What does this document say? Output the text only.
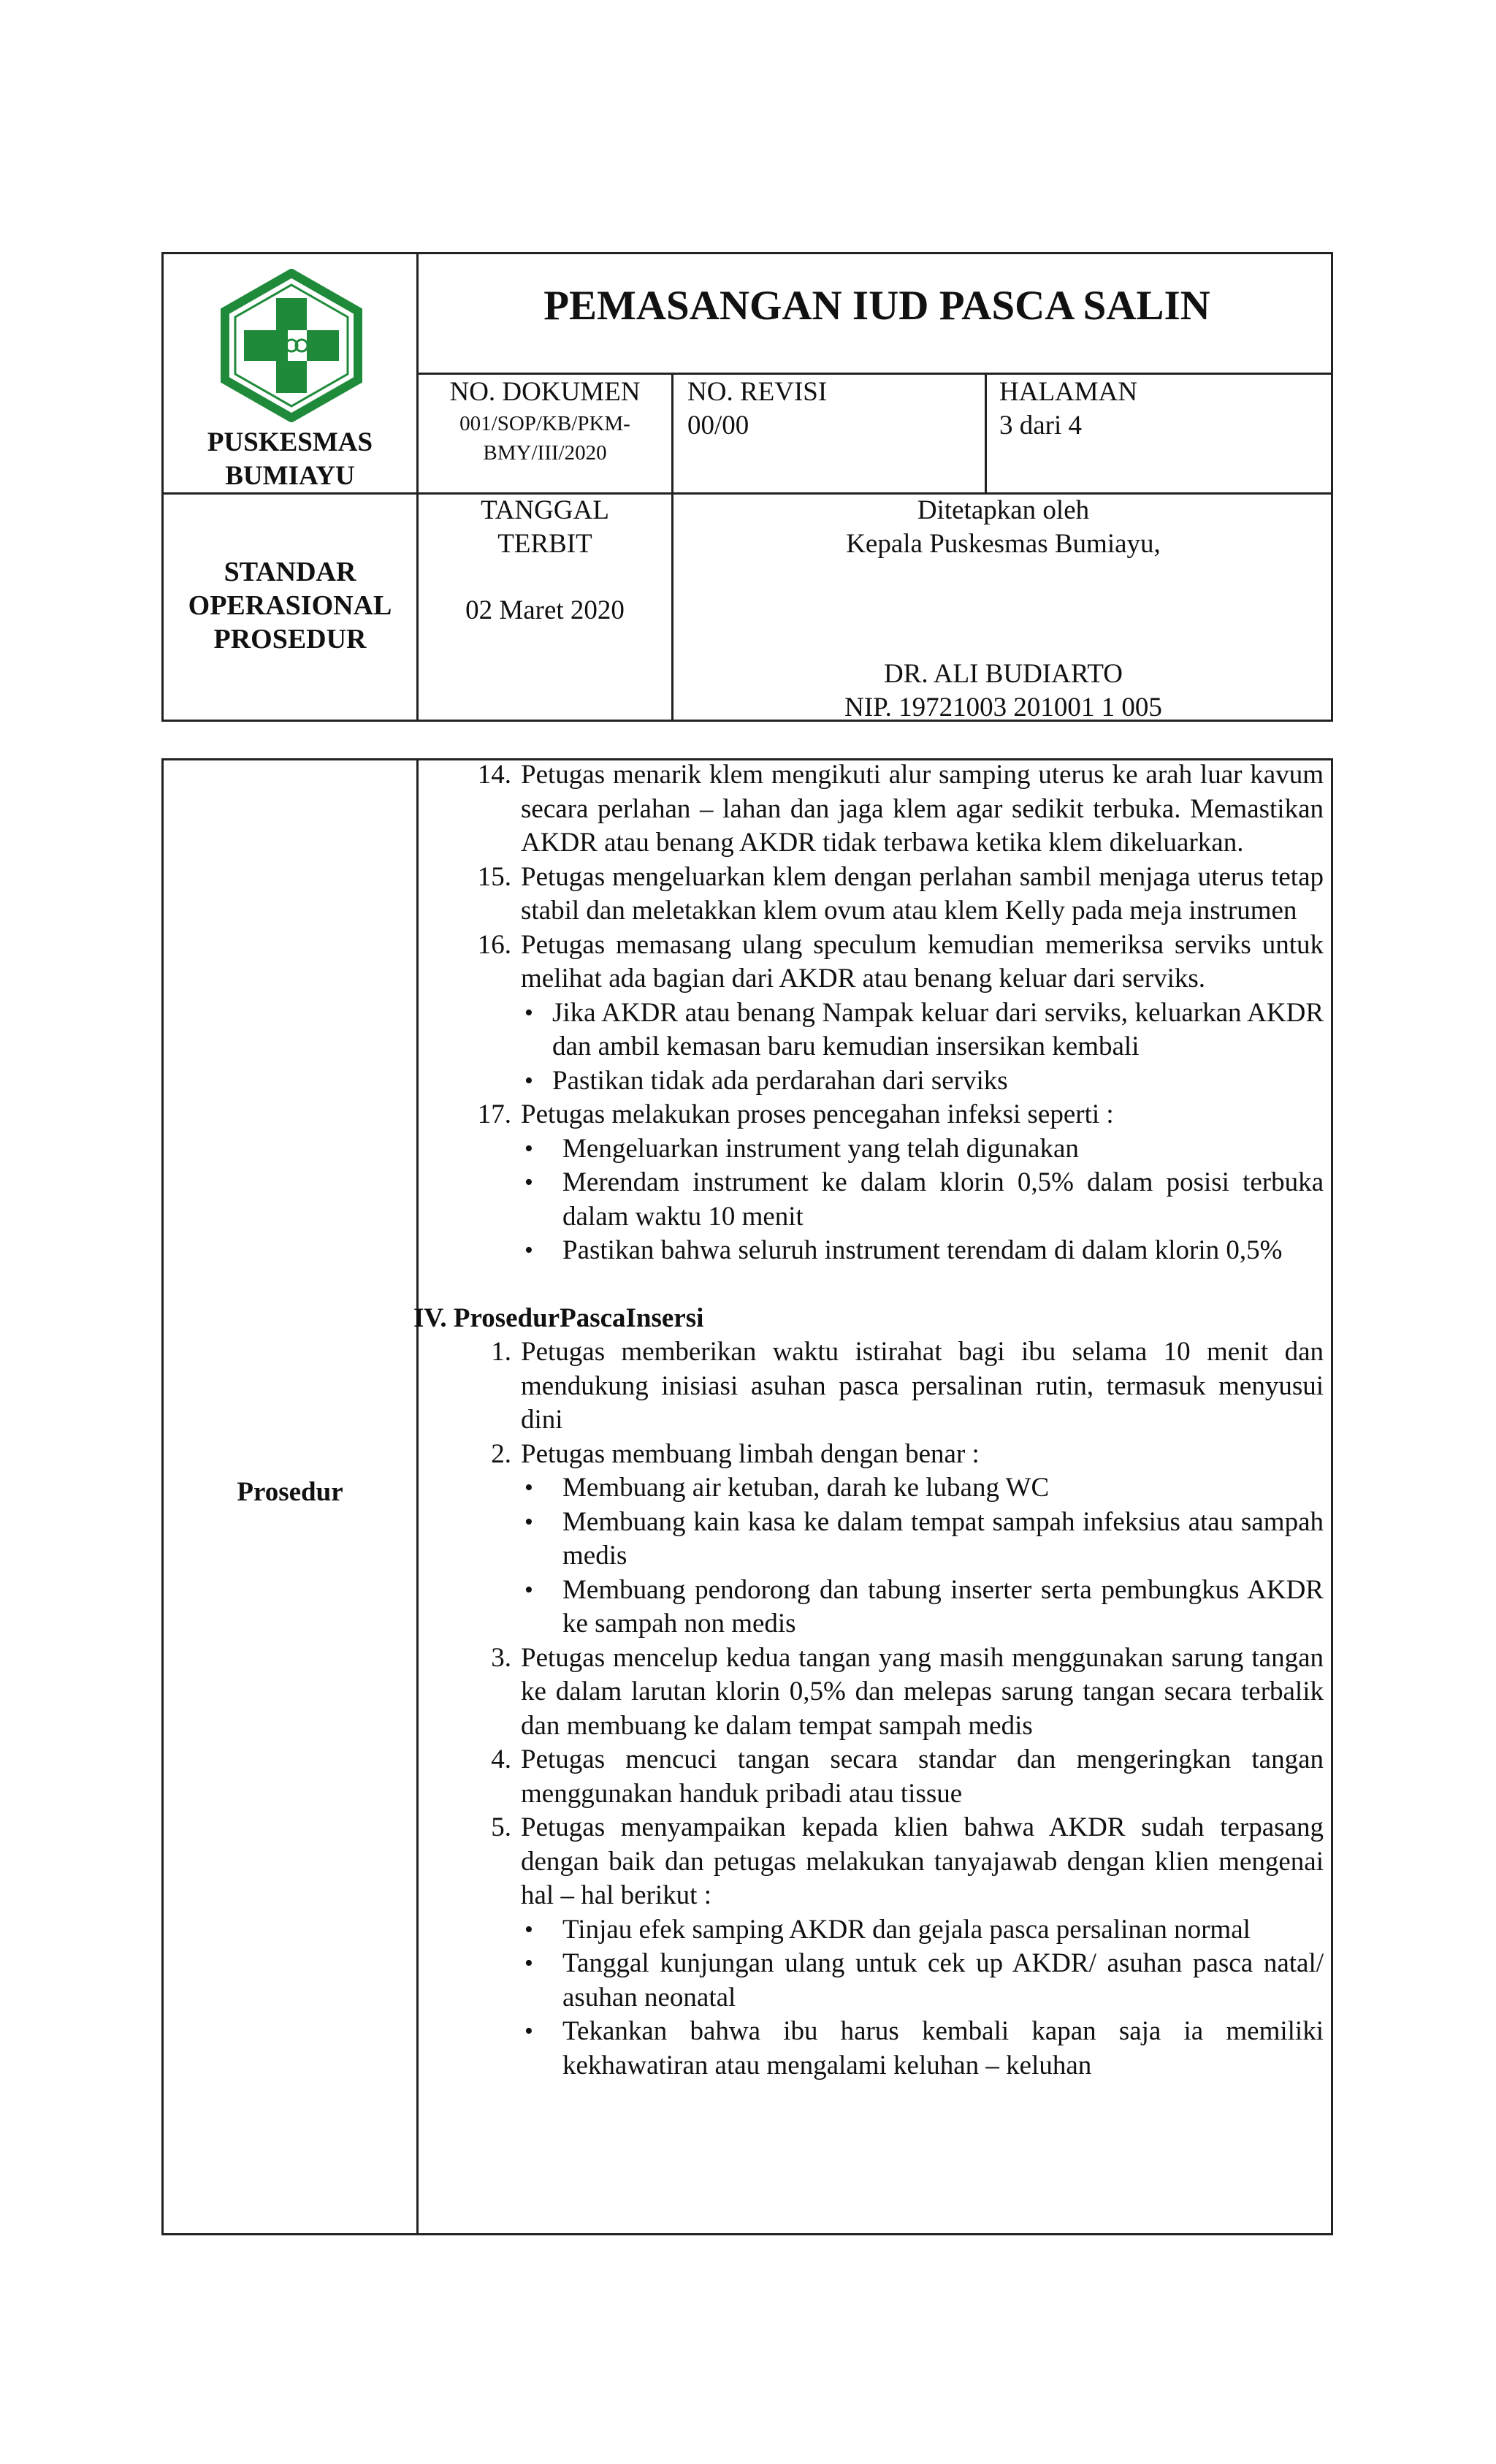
PUSKESMAS
BUMIAYU
PEMASANGAN IUD PASCA SALIN
NO. DOKUMEN
001/SOP/KB/PKM-
BMY/III/2020
NO. REVISI
00/00
HALAMAN
3 dari 4
STANDAR
OPERASIONAL
PROSEDUR
TANGGAL
TERBIT
02 Maret 2020
Ditetapkan oleh
Kepala Puskesmas Bumiayu,
DR. ALI BUDIARTO
NIP. 19721003 201001 1 005
Prosedur
14. Petugas menarik klem mengikuti alur samping uterus ke arah luar kavum secara perlahan – lahan dan jaga klem agar sedikit terbuka. Memastikan AKDR atau benang AKDR tidak terbawa ketika klem dikeluarkan.
15. Petugas mengeluarkan klem dengan perlahan sambil menjaga uterus tetap stabil dan meletakkan klem ovum atau klem Kelly pada meja instrumen
16. Petugas memasang ulang speculum kemudian memeriksa serviks untuk melihat ada bagian dari AKDR atau benang keluar dari serviks.
• Jika AKDR atau benang Nampak keluar dari serviks, keluarkan AKDR dan ambil kemasan baru kemudian insersikan kembali
• Pastikan tidak ada perdarahan dari serviks
17. Petugas melakukan proses pencegahan infeksi seperti :
• Mengeluarkan instrument yang telah digunakan
• Merendam instrument ke dalam klorin 0,5% dalam posisi terbuka dalam waktu 10 menit
• Pastikan bahwa seluruh instrument terendam di dalam klorin 0,5%
IV. ProsedurPascaInsersi
1. Petugas memberikan waktu istirahat bagi ibu selama 10 menit dan mendukung inisiasi asuhan pasca persalinan rutin, termasuk menyusui dini
2. Petugas membuang limbah dengan benar :
• Membuang air ketuban, darah ke lubang WC
• Membuang kain kasa ke dalam tempat sampah infeksius atau sampah medis
• Membuang pendorong dan tabung inserter serta pembungkus AKDR ke sampah non medis
3. Petugas mencelup kedua tangan yang masih menggunakan sarung tangan ke dalam larutan klorin 0,5% dan melepas sarung tangan secara terbalik dan membuang ke dalam tempat sampah medis
4. Petugas mencuci tangan secara standar dan mengeringkan tangan menggunakan handuk pribadi atau tissue
5. Petugas menyampaikan kepada klien bahwa AKDR sudah terpasang dengan baik dan petugas melakukan tanyajawab dengan klien mengenai hal – hal berikut :
• Tinjau efek samping AKDR dan gejala pasca persalinan normal
• Tanggal kunjungan ulang untuk cek up AKDR/ asuhan pasca natal/ asuhan neonatal
• Tekankan bahwa ibu harus kembali kapan saja ia memiliki kekhawatiran atau mengalami keluhan – keluhan
